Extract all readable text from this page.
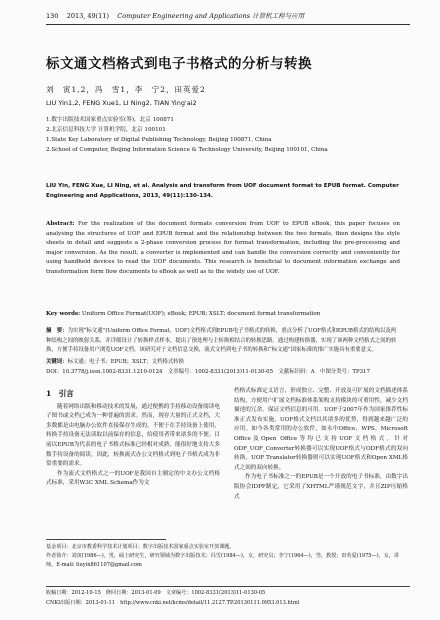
130 2013, 49(11) Computer Engineering and Applications 计算机工程与应用
标文通文档格式到电子书格式的分析与转换
刘　寅1,2，冯　雪1，李　宁2，田英爱2
LIU Yin1,2, FENG Xue1, LI Ning2, TIAN Ying'ai2
1.数字出版技术国家重点实验室(筹)，北京 100871
2.北京信息科技大学 计算机学院，北京 100101
1.State Key Laboratory of Digital Publishing Technology, Beijing 100871, China
2.School of Computer, Beijing Information Science & Technology University, Beijing 100101, China
LIU Yin, FENG Xue, LI Ning, et al. Analysis and transform from UOF document format to EPUB format. Computer Engineering and Applications, 2013, 49(11):130-134.
Abstract: For the realization of the document formats conversion from UOF to EPUB eBook, this paper focuses on analysing the structures of UOF and EPUB format and the relationship between the two formats, then designs the style sheets in detail and suggests a 2-phase conversion process for format transformation, including the pre-processing and major conversion. As the result, a converter is implemented and can handle the conversion correctly and conveniently for using handheld devices to read the UOF documents. This research is beneficial to document information exchange and transformation form flow documents to eBook as well as to the widely use of UOF.
Key words: Uniform Office Format(UOF); eBook; EPUB; XSLT; document format transformation
摘　要：为实现“标文通”(Uniform Office Format，UOF)文档格式到EPUB电子书格式的转换，重点分析了UOF格式和EPUB格式的结构以及两种结构之间的映射关系，并详细设计了转换样式样本，提出了预处理与主转换相结合的转换思路。通过构建转换器，实现了该两种文档格式之间的转换，方便手持设备用户浏览UOF文档。该研究对于文档信息交换，流式文档到电子书的转换和“标文通”国家标准的推广实施具有重要意义。
关键词：标文通；电子书；EPUB；XSLT；文档格式转换
DOI：10.3778/j.issn.1002-8331.1210-0124　文章编号：1002-8331(2013)11-0130-05　文献标识码：A　中图分类号：TP317
1　引言

随着网络出版和移动技术的发展，通过便携的手持移动设备阅读电子图书或文档已成为一种普遍的需求。然而，现存大量的正式文档，大多数都是由电脑办公软件直接保存生成的，不便于在手持设备上使用，转换手持设备无法读取以前保存的信息，给使用者带来诸多的不便。目前以EPUB为代表的电子书格式标准已经相对成熟，能很好地支持大多数手持设备的阅读。因此，转换流式办公文档格式到电子书格式成为非常重要的需求。

作为流式文档格式之一的UOF是我国自主制定的中文办公文档格式标准，采用W3C XML Schema作为文

档格式标准定义语言，形成独立、完整、开放及可扩展的文档描述体系结构，方便用户扩展文档标准体系架构支持模块的可重用性，减少文档描述的冗余，保证文档信息的可用。UOF于2007年作为国家推荐性标准正式发布实施，UOF格式文档以其诸多的优势，得到越来越广泛的应用。如今各类常用的办公软件，如永中Office，WPS，Microsoft Office及Open Office等均已支持UOF文档格式。针对ODF_UOF_Converter转换器可以实现UOF格式与ODF格式的双向转换，UOF Translator转换器则可以实现UOF格式和Open XML格式之间的双向转换。

作为电子书标准之一的EPUB是一个开放的电子书标准，由数字出版协会IDPF制定，它采用了XHTML严谨规范文字，并且ZIP压缩格式

基金项目：北京市教委科学技术计划项目；数字出版技术国家重点实验室开放课题。
作者简介：刘寅(1986—)，男，硕士研究生，研究领域为数字出版技术；冯雪(1984—)，女，研究员；李宁(1964—)，男，教授；田英爱(1975—)，女，讲师。E-mail: liuyin861107@gmail.com
收稿日期：2012-10-15　修回日期：2013-01-09　文章编号：1002-8331(2013)11-0130-05
CNKI出版日期：2013-01-11　http://www.cnki.net/kcms/detail/11.2127.TP.20130111.0953.013.html
